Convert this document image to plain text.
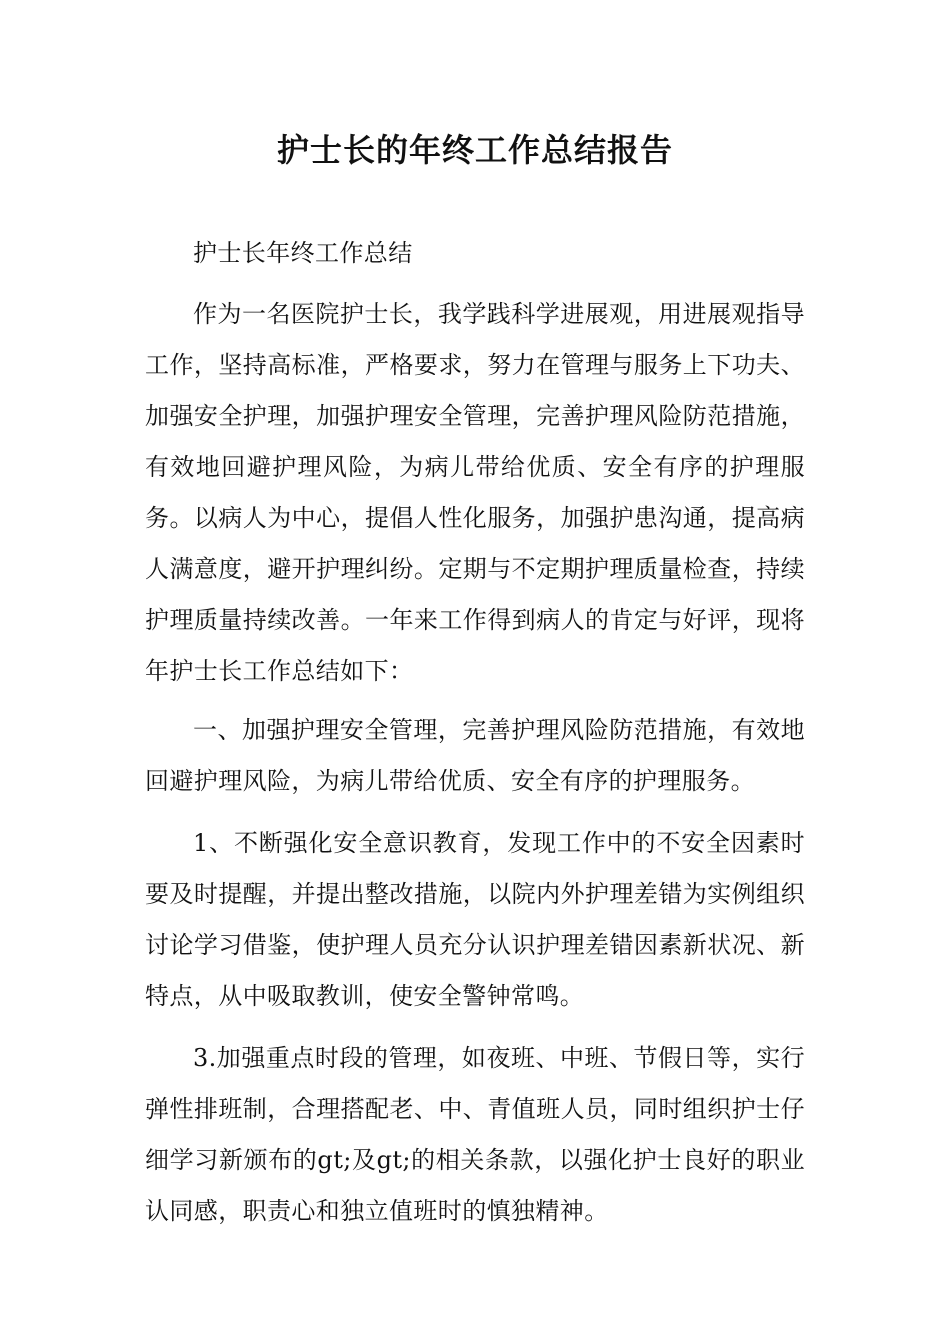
护士长的年终工作总结报告

护士长年终工作总结

作为一名医院护士长，我学践科学进展观，用进展观指导工作，坚持高标准，严格要求，努力在管理与服务上下功夫、加强安全护理，加强护理安全管理，完善护理风险防范措施，有效地回避护理风险，为病儿带给优质、安全有序的护理服务。以病人为中心，提倡人性化服务，加强护患沟通，提高病人满意度，避开护理纠纷。定期与不定期护理质量检查，持续护理质量持续改善。一年来工作得到病人的肯定与好评，现将年护士长工作总结如下：

一、加强护理安全管理，完善护理风险防范措施，有效地回避护理风险，为病儿带给优质、安全有序的护理服务。

1、不断强化安全意识教育，发现工作中的不安全因素时要及时提醒，并提出整改措施，以院内外护理差错为实例组织讨论学习借鉴，使护理人员充分认识护理差错因素新状况、新特点，从中吸取教训，使安全警钟常鸣。

3.加强重点时段的管理，如夜班、中班、节假日等，实行弹性排班制，合理搭配老、中、青值班人员，同时组织护士仔细学习新颁布的gt;及gt;的相关条款，以强化护士良好的职业认同感，职责心和独立值班时的慎独精神。
